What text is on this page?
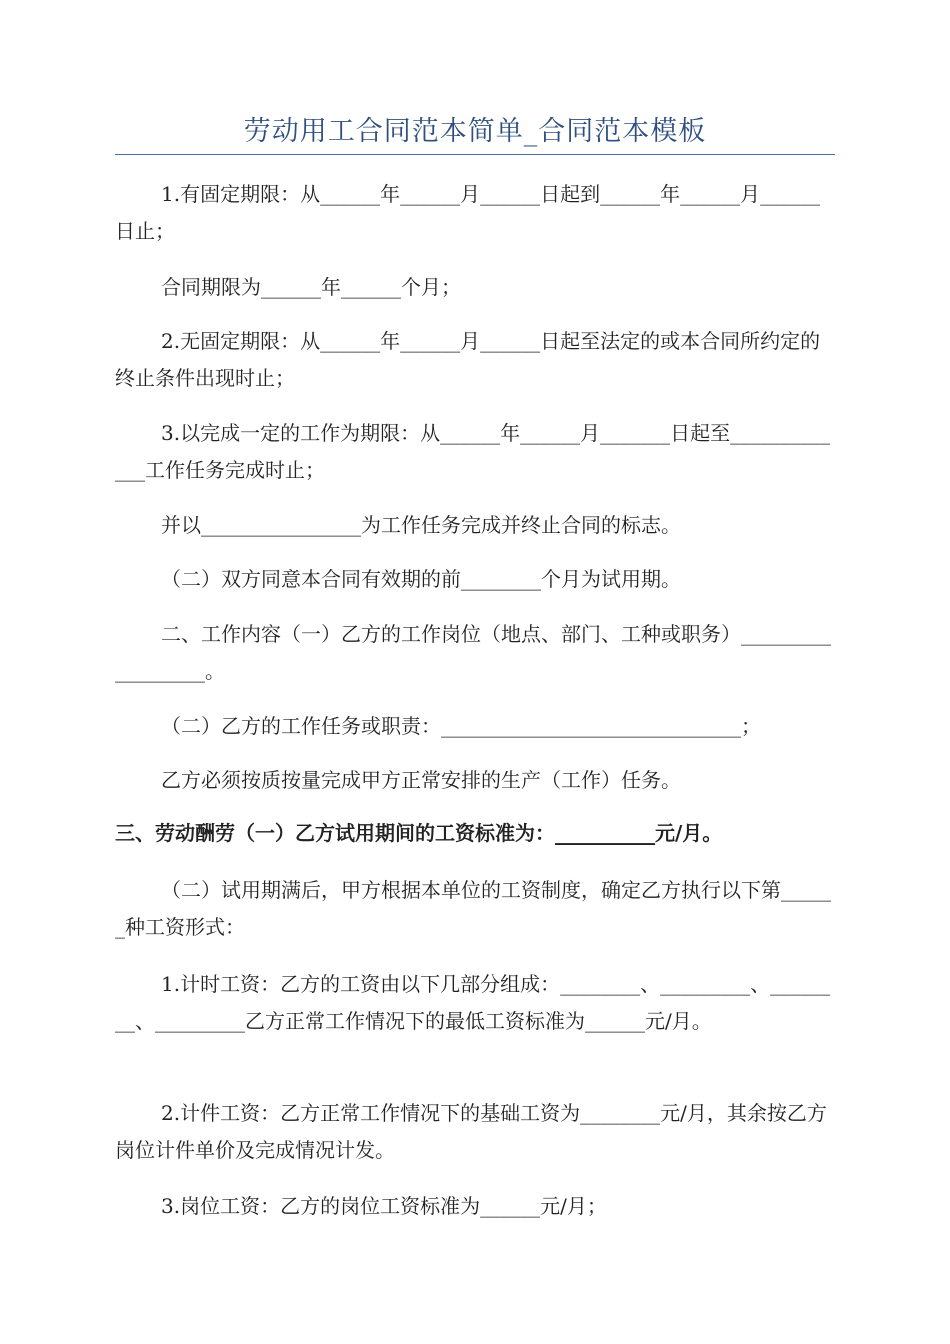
劳动用工合同范本简单_合同范本模板

1.有固定期限：从______年______月______日起到______年______月______日止；

合同期限为______年______个月；

2.无固定期限：从______年______月______日起至法定的或本合同所约定的终止条件出现时止；

3.以完成一定的工作为期限：从______年______月_______日起至_____________工作任务完成时止；

并以________________为工作任务完成并终止合同的标志。

（二）双方同意本合同有效期的前________个月为试用期。

二、工作内容（一）乙方的工作岗位（地点、部门、工种或职务）__________________。

（二）乙方的工作任务或职责：______________________________；

乙方必须按质按量完成甲方正常安排的生产（工作）任务。

三、劳动酬劳（一）乙方试用期间的工资标准为：__________元/月。

（二）试用期满后，甲方根据本单位的工资制度，确定乙方执行以下第______种工资形式：

1.计时工资：乙方的工资由以下几部分组成：________、_________、________、_________乙方正常工作情况下的最低工资标准为______元/月。

2.计件工资：乙方正常工作情况下的基础工资为________元/月，其余按乙方岗位计件单价及完成情况计发。

3.岗位工资：乙方的岗位工资标准为______元/月；
